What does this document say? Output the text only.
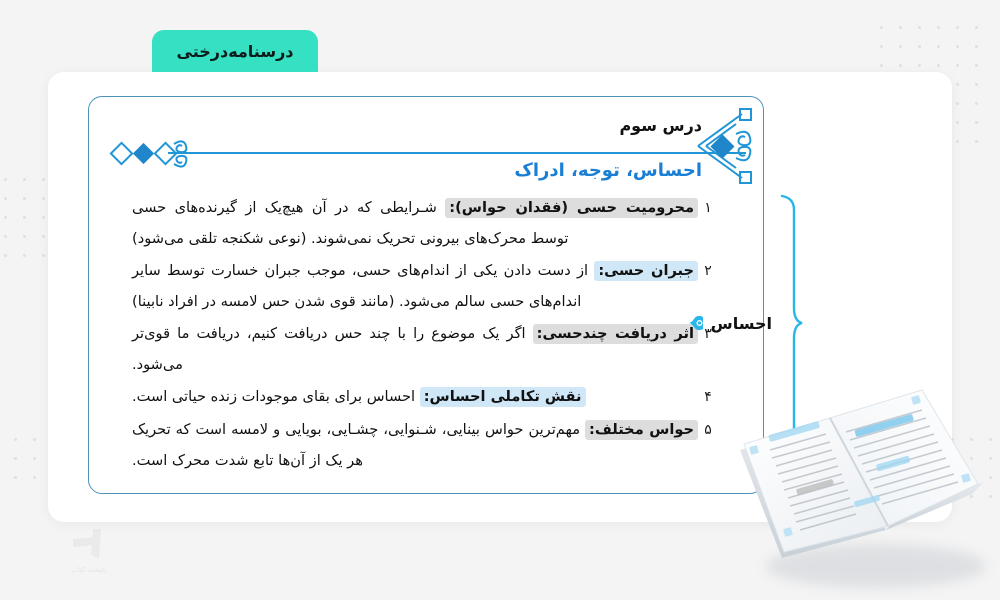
درسنامه‌درختی
درس سوم
احساس، توجه، ادراک
۱
محرومیت حسی (فقدان حواس): شـرایطی که در آن هیچ‌یک از گیرنده‌های حسی توسط محرک‌های بیرونی تحریک نمی‌شوند. (نوعی شکنجه تلقی می‌شود)
۲
جبران حسی: از دست دادن یکی از اندام‌های حسی، موجب جبران خسارت توسط سایر اندام‌های حسی سالم می‌شود. (مانند قوی شدن حس لامسه در افراد نابینا)
۳
اثر دریافت چندحسی: اگر یک موضوع را با چند حس دریافت کنیم، دریافت ما قوی‌تر می‌شود.
۴
نقش تکاملی احساس: احساس برای بقای موجودات زنده حیاتی است.
۵
حواس مختلف: مهم‌ترین حواس بینایی، شـنوایی، چشـایی، بویایی و لامسه است که تحریک هر یک از آن‌ها تابع شدت محرک است.
احساس
پایتخت کتاب
